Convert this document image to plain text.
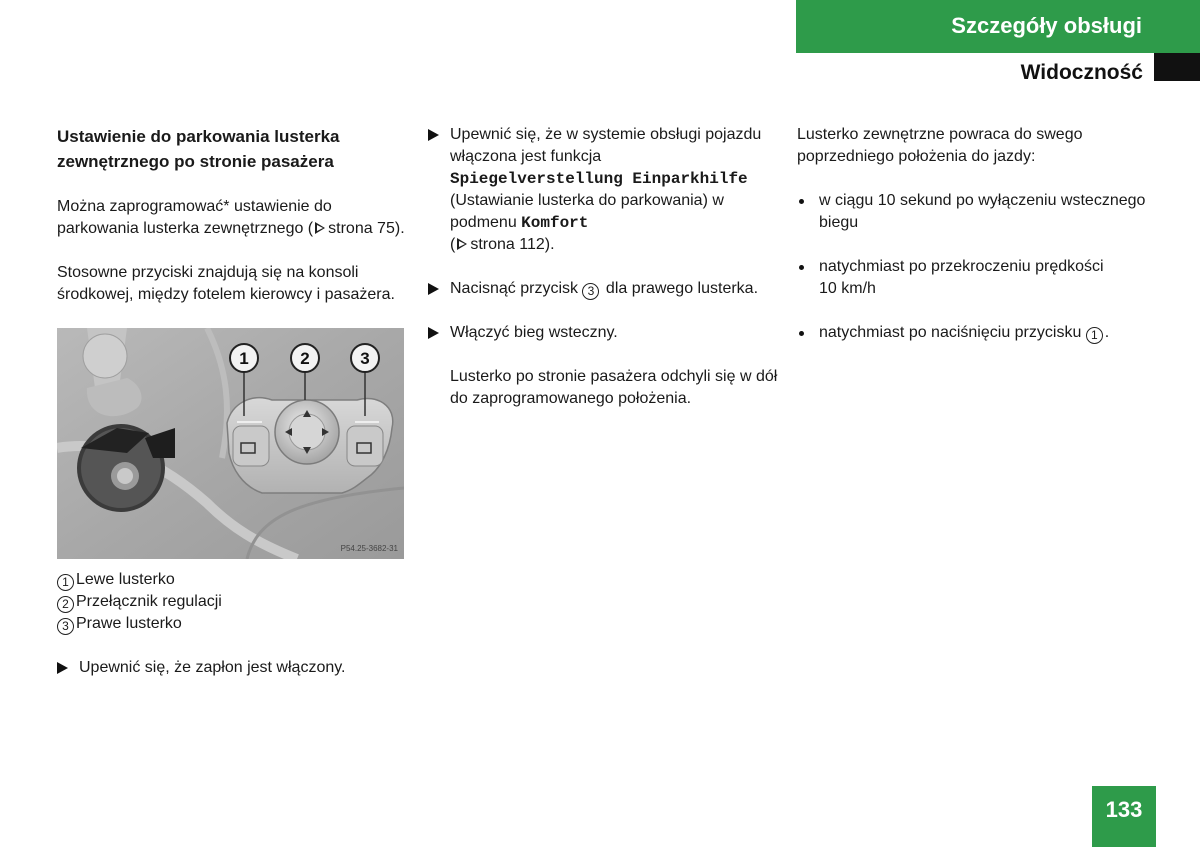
Szczegóły obsługi
Widoczność
Ustawienie do parkowania lusterka zewnętrznego po stronie pasażera
Można zaprogramować* ustawienie do parkowania lusterka zewnętrznego ( strona 75).
Stosowne przyciski znajdują się na konsoli środkowej, między fotelem kierowcy i pasażera.
1	2	3
P54.25-3682-31
1 Lewe lusterko
2 Przełącznik regulacji
3 Prawe lusterko
Upewnić się, że zapłon jest włączony.
Upewnić się, że w systemie obsługi pojazdu włączona jest funkcja Spiegelverstellung Einparkhilfe (Ustawianie lusterka do parkowania) w podmenu Komfort
( strona 112).
Nacisnąć przycisk 3 dla prawego lusterka.
Włączyć bieg wsteczny.
Lusterko po stronie pasażera odchyli się w dół do zaprogramowanego położenia.
Lusterko zewnętrzne powraca do swego poprzedniego położenia do jazdy:
w ciągu 10 sekund po wyłączeniu wstecznego biegu
natychmiast po przekroczeniu prędkości
10 km/h
natychmiast po naciśnięciu przycisku 1 .
133
